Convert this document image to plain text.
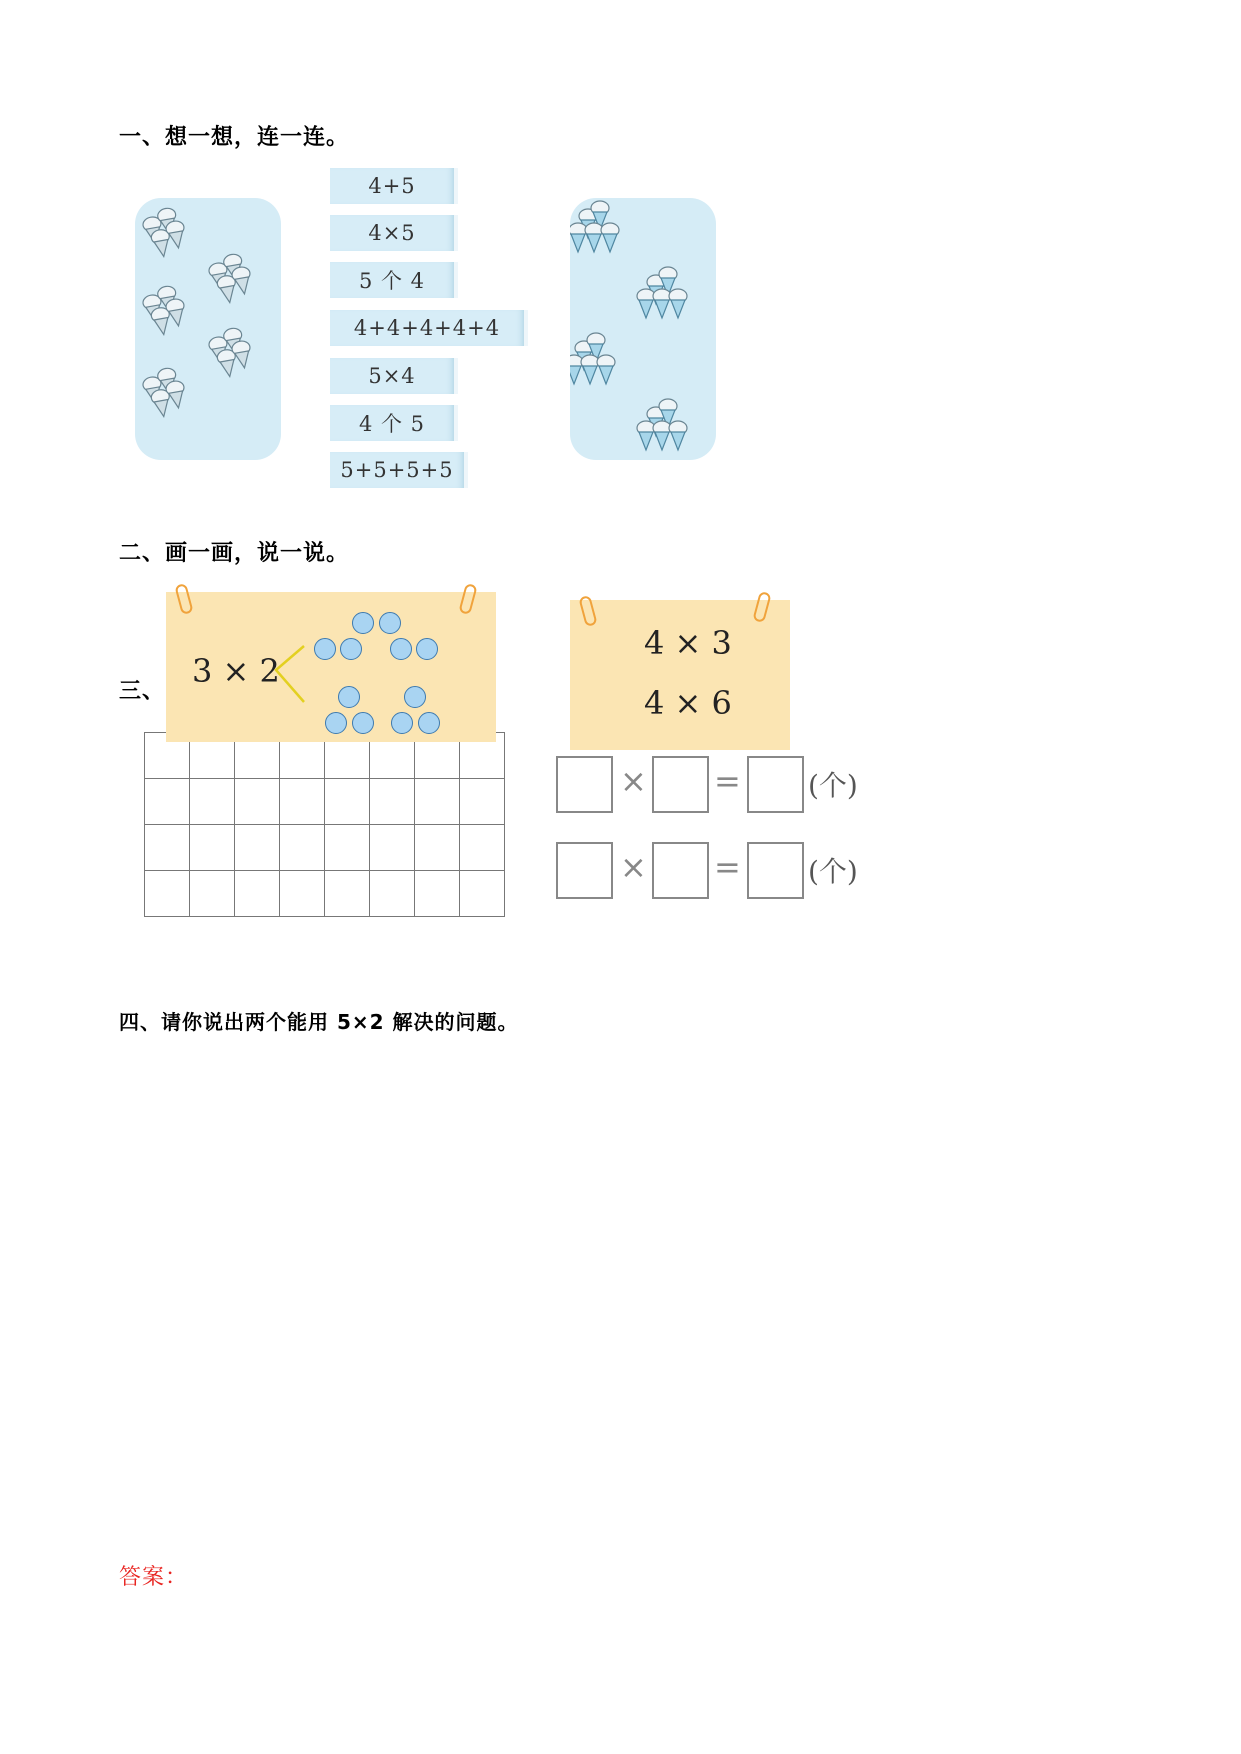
一、想一想，连一连。
4+5
4×5
5 个 4
4+4+4+4+4
5×4
4 个 5
5+5+5+5
二、画一画，说一说。
三、

3 × 2
4 × 3
4 × 6
× = (个)
× = (个)
四、请你说出两个能用 5×2 解决的问题。
答案：
